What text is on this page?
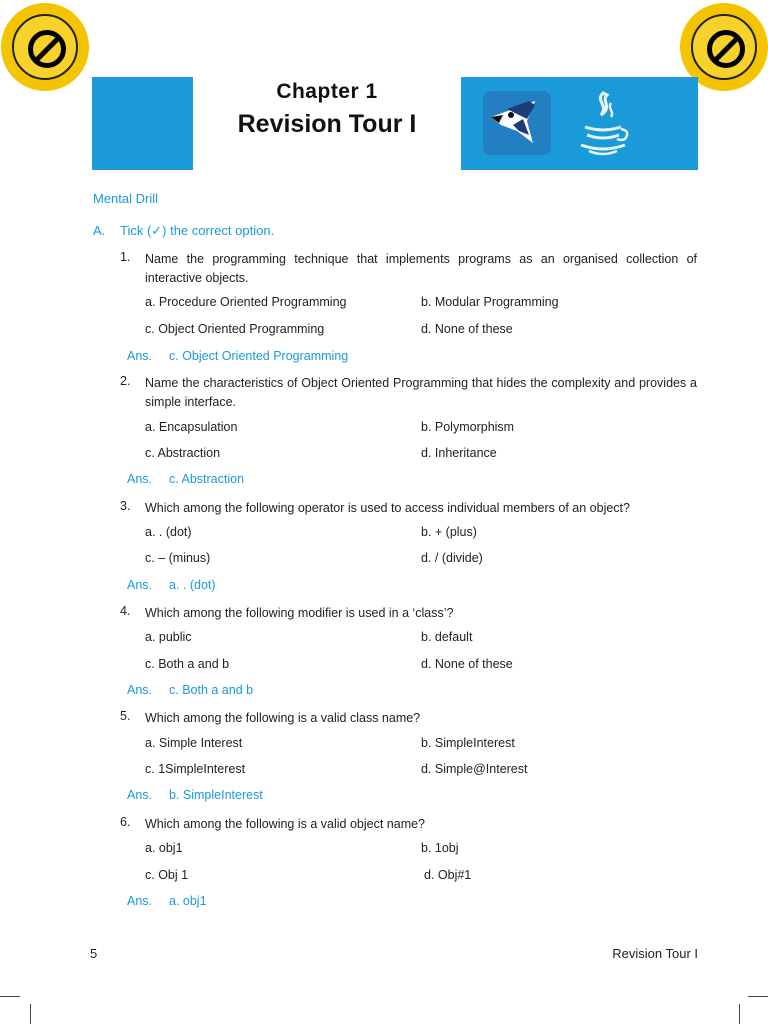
Chapter 1
Revision Tour I
Mental Drill
A. Tick (✓) the correct option.
1. Name the programming technique that implements programs as an organised collection of interactive objects.
a. Procedure Oriented Programming	b. Modular Programming
c. Object Oriented Programming	d. None of these
Ans. c. Object Oriented Programming
2. Name the characteristics of Object Oriented Programming that hides the complexity and provides a simple interface.
a. Encapsulation	b. Polymorphism
c. Abstraction	d. Inheritance
Ans. c. Abstraction
3. Which among the following operator is used to access individual members of an object?
a. . (dot)	b. + (plus)
c. – (minus)	d. / (divide)
Ans. a. . (dot)
4. Which among the following modifier is used in a ‘class’?
a. public	b. default
c. Both a and b	d. None of these
Ans. c. Both a and b
5. Which among the following is a valid class name?
a. Simple Interest	b. SimpleInterest
c. 1SimpleInterest	d. Simple@Interest
Ans. b. SimpleInterest
6. Which among the following is a valid object name?
a. obj1	b. 1obj
c. Obj 1	d. Obj#1
Ans. a. obj1
5	Revision Tour I
